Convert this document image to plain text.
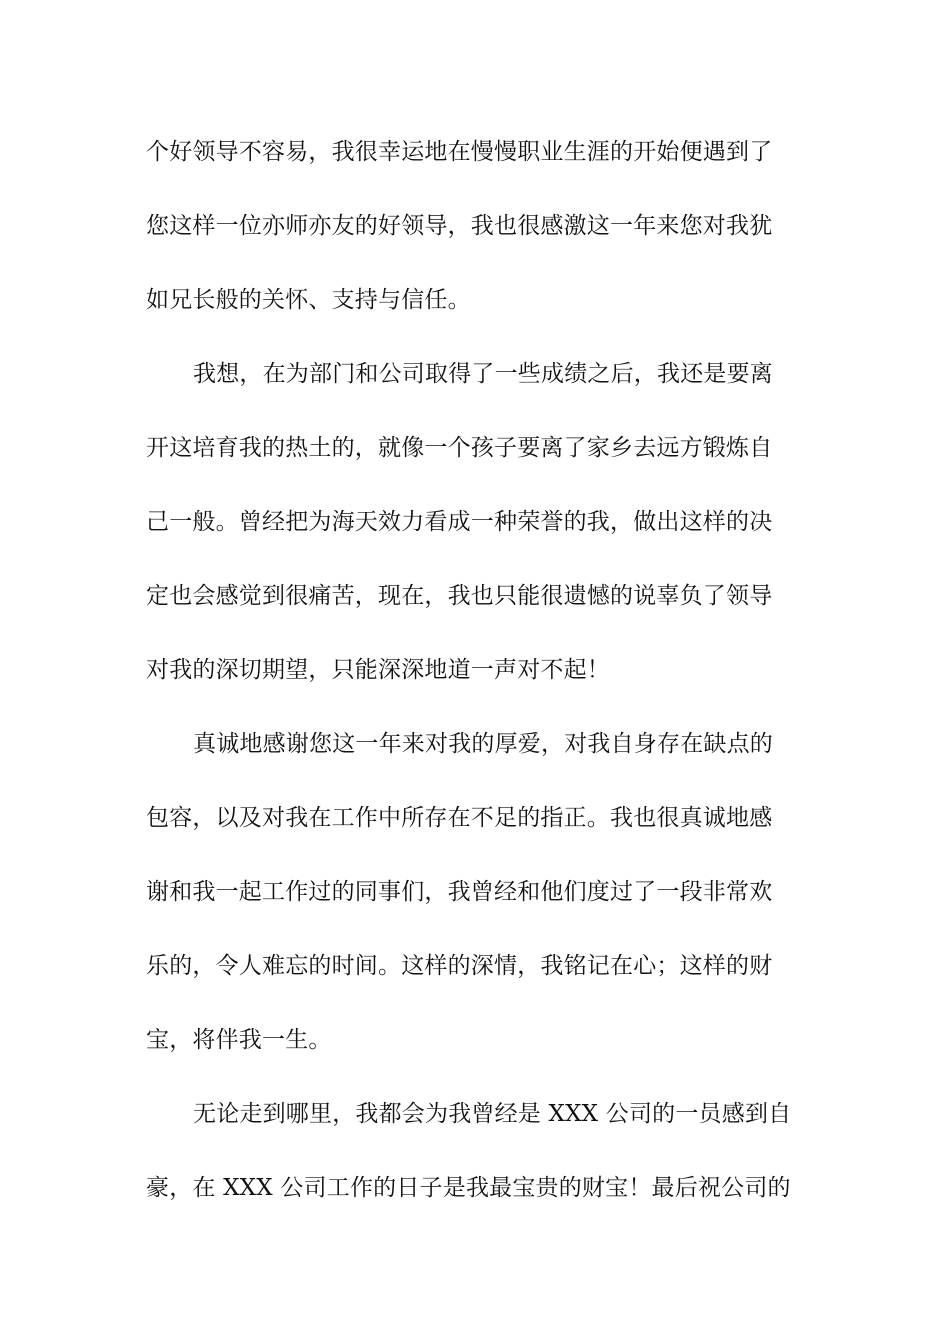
个好领导不容易，我很幸运地在慢慢职业生涯的开始便遇到了
您这样一位亦师亦友的好领导，我也很感激这一年来您对我犹
如兄长般的关怀、支持与信任。
我想，在为部门和公司取得了一些成绩之后，我还是要离
开这培育我的热土的，就像一个孩子要离了家乡去远方锻炼自
己一般。曾经把为海天效力看成一种荣誉的我，做出这样的决
定也会感觉到很痛苦，现在，我也只能很遗憾的说辜负了领导
对我的深切期望，只能深深地道一声对不起！
真诚地感谢您这一年来对我的厚爱，对我自身存在缺点的
包容，以及对我在工作中所存在不足的指正。我也很真诚地感
谢和我一起工作过的同事们，我曾经和他们度过了一段非常欢
乐的，令人难忘的时间。这样的深情，我铭记在心；这样的财
宝，将伴我一生。
无论走到哪里，我都会为我曾经是 XXX 公司的一员感到自
豪，在 XXX 公司工作的日子是我最宝贵的财宝！最后祝公司的
